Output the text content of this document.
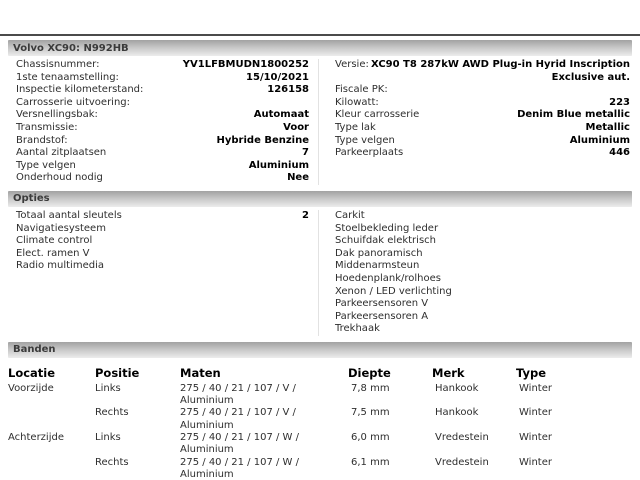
Volvo XC90: N992HB
Chassisnummer:	YV1LFBMUDN1800252
1ste tenaamstelling:	15/10/2021
Inspectie kilometerstand:	126158
Carrosserie uitvoering:
Versnellingsbak:	Automaat
Transmissie:	Voor
Brandstof:	Hybride Benzine
Aantal zitplaatsen	7
Type velgen	Aluminium
Onderhoud nodig	Nee
Versie: XC90 T8 287kW AWD Plug-in Hyrid Inscription Exclusive aut.
Fiscale PK:
Kilowatt:	223
Kleur carrosserie	Denim Blue metallic
Type lak	Metallic
Type velgen	Aluminium
Parkeerplaats	446
Opties
Totaal aantal sleutels	2
Navigatiesysteem
Climate control
Elect. ramen V
Radio multimedia
Carkit
Stoelbekleding leder
Schuifdak elektrisch
Dak panoramisch
Middenarmsteun
Hoedenplank/rolhoes
Xenon / LED verlichting
Parkeersensoren V
Parkeersensoren A
Trekhaak
Banden
Locatie	Positie	Maten	Diepte	Merk	Type
Voorzijde	Links	275 / 40 / 21 / 107 / V / Aluminium	7,8 mm	Hankook	Winter
	Rechts	275 / 40 / 21 / 107 / V / Aluminium	7,5 mm	Hankook	Winter
Achterzijde	Links	275 / 40 / 21 / 107 / W / Aluminium	6,0 mm	Vredestein	Winter
	Rechts	275 / 40 / 21 / 107 / W / Aluminium	6,1 mm	Vredestein	Winter
